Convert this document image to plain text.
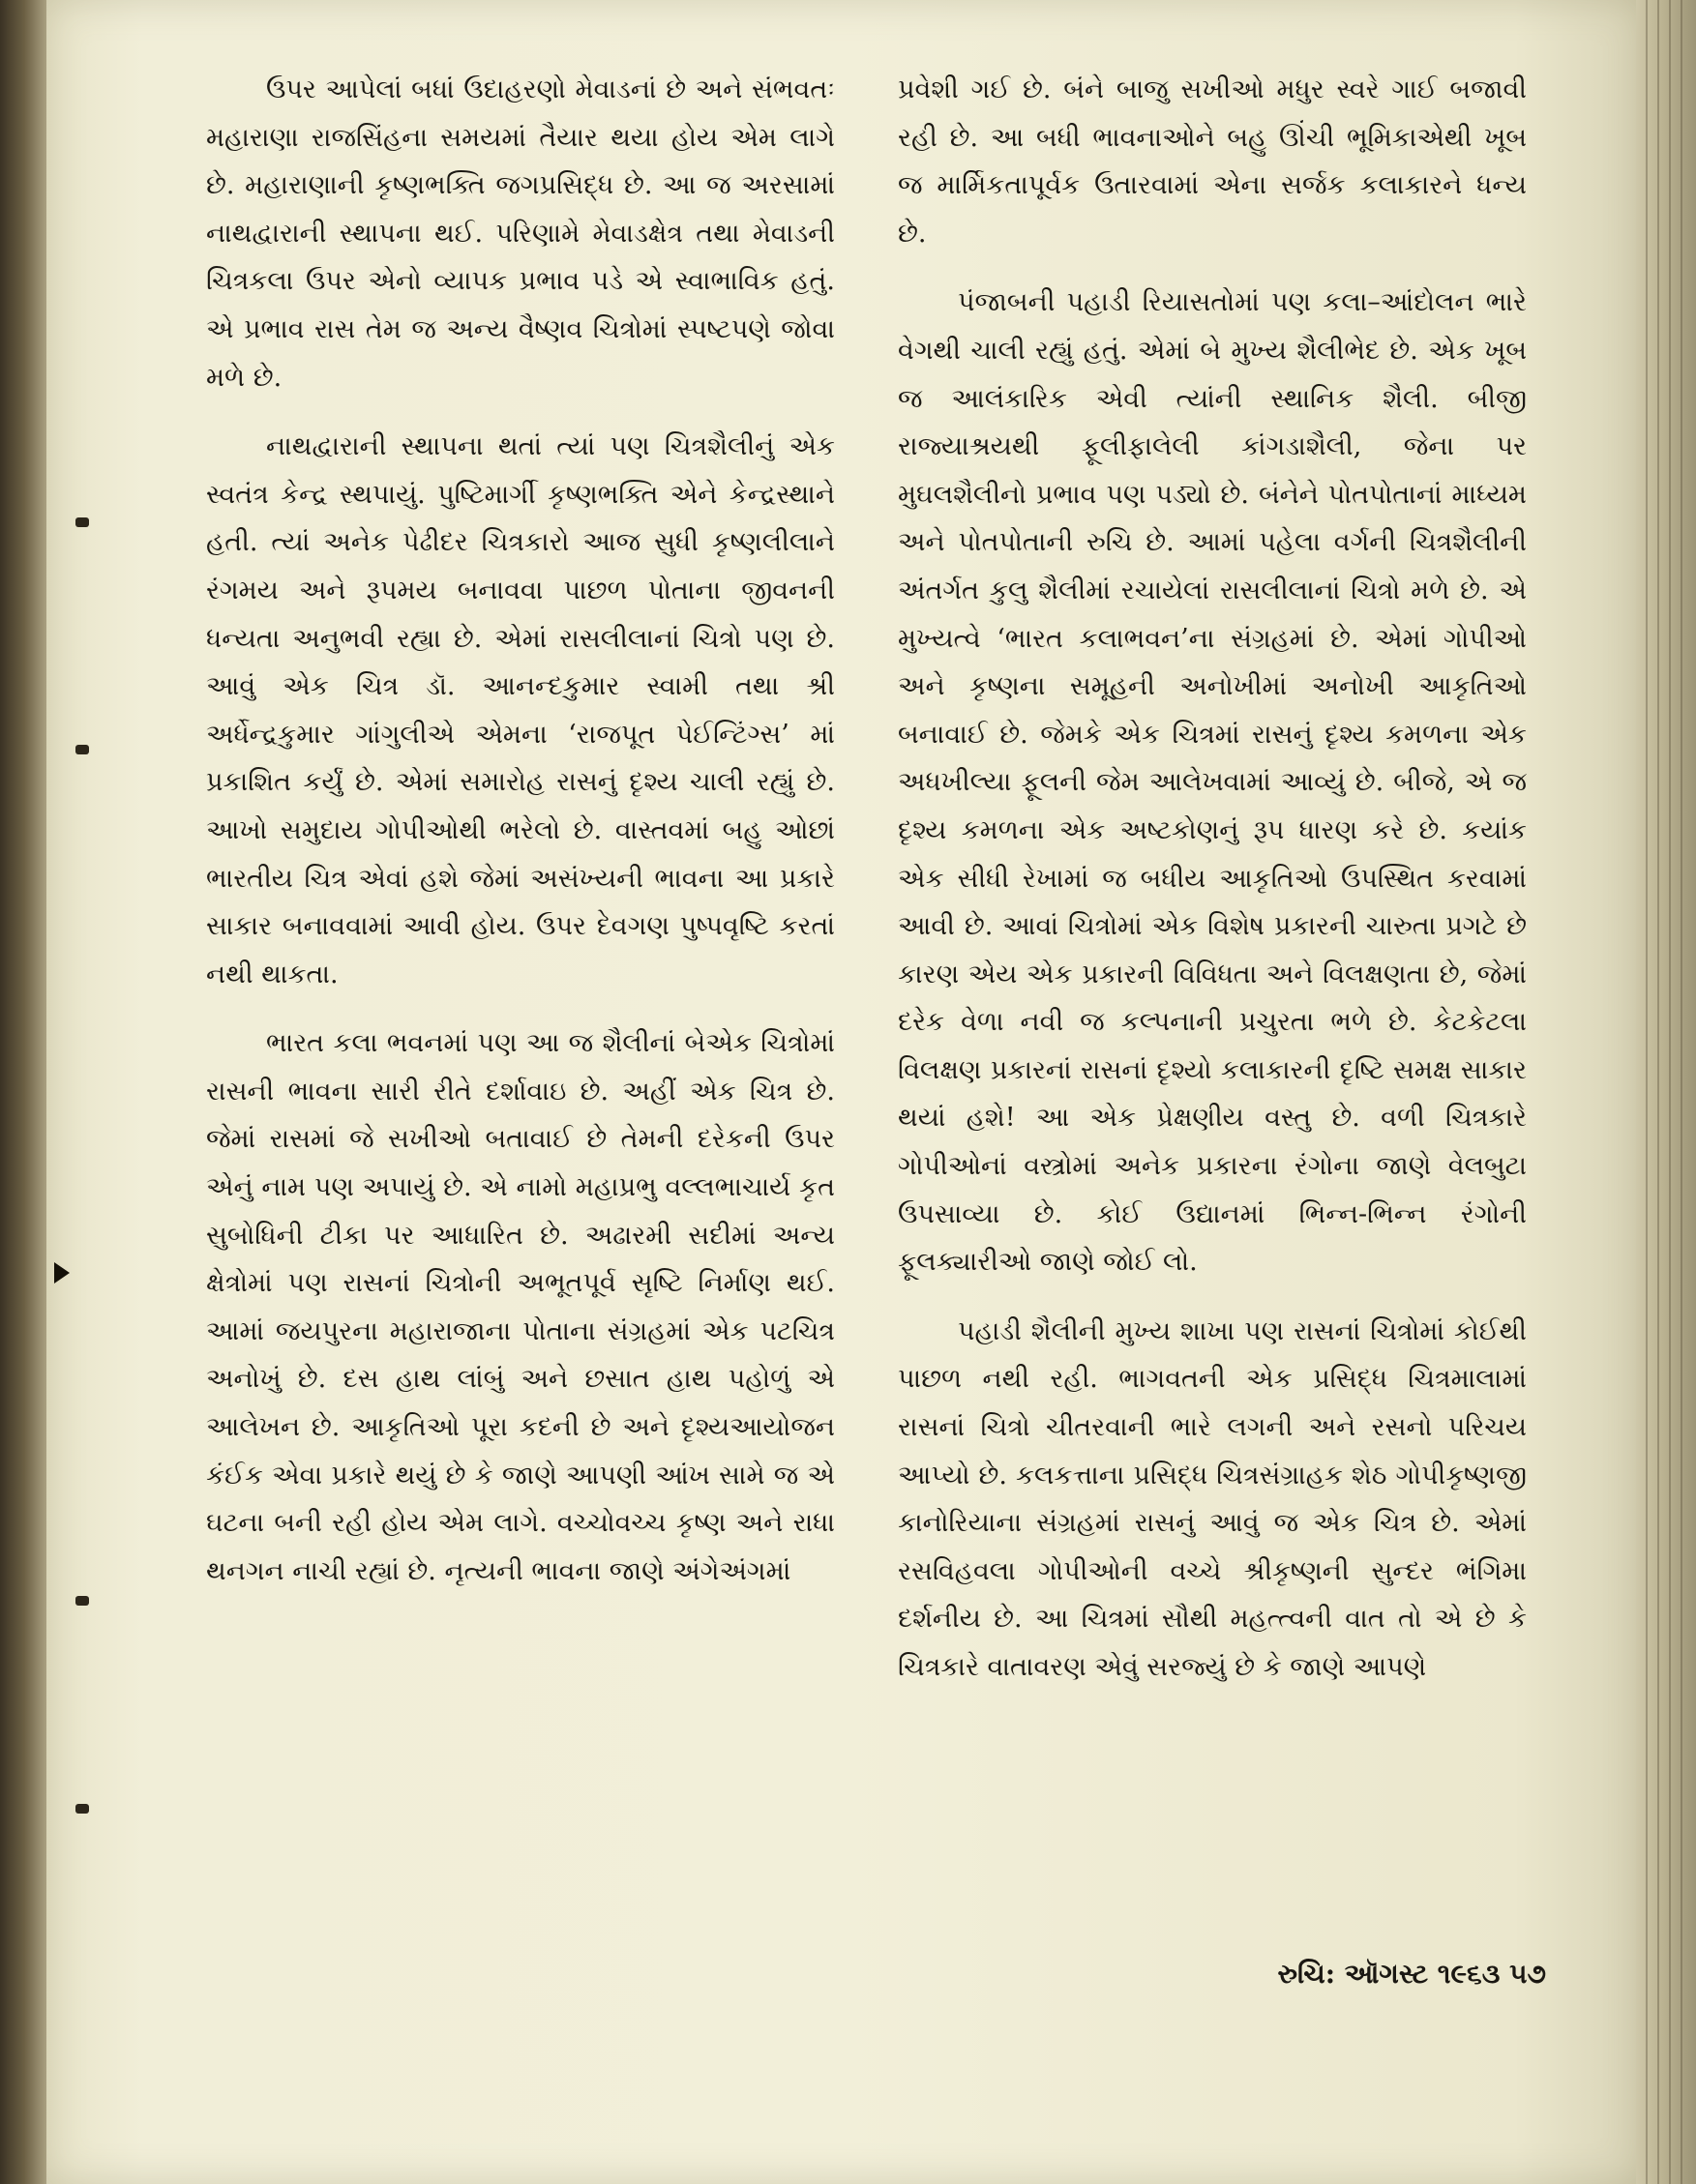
ઉપર આપેલાં બધાં ઉદાહરણો મેવાડનાં છે અને સંભવતઃ મહારાણા રાજસિંહના સમયમાં તૈયાર થયા હોય એમ લાગે છે. મહારાણાની કૃષ્ણભક્તિ જગપ્રસિદ્ધ છે. આ જ અરસામાં નાથદ્વારાની સ્થાપના થઈ. પરિણામે મેવાડક્ષેત્ર તથા મેવાડની ચિત્રકલા ઉપર એનો વ્યાપક પ્રભાવ પડે એ સ્વાભાવિક હતું. એ પ્રભાવ રાસ તેમ જ અન્ય વૈષ્ણવ ચિત્રોમાં સ્પષ્ટપણે જોવા મળે છે.

નાથદ્વારાની સ્થાપના થતાં ત્યાં પણ ચિત્રશૈલીનું એક સ્વતંત્ર કેન્દ્ર સ્થપાયું. પુષ્ટિમાર્ગી કૃષ્ણભક્તિ એને કેન્દ્રસ્થાને હતી. ત્યાં અનેક પેઢીદર ચિત્રકારો આજ સુધી કૃષ્ણલીલાને રંગમય અને રૂપમય બનાવવા પાછળ પોતાના જીવનની ધન્યતા અનુભવી રહ્યા છે. એમાં રાસલીલાનાં ચિત્રો પણ છે. આવું એક ચિત્ર ડૉ. આનન્દકુમાર સ્વામી તથા શ્રી અર્ધેન્દ્રકુમાર ગાંગુલીએ એમના ‘રાજપૂત પેઈન્ટિંગ્સ’ માં પ્રકાશિત કર્યું છે. એમાં સમારોહ રાસનું દૃશ્ય ચાલી રહ્યું છે. આખો સમુદાય ગોપીઓથી ભરેલો છે. વાસ્તવમાં બહુ ઓછાં ભારતીય ચિત્ર એવાં હશે જેમાં અસંખ્યની ભાવના આ પ્રકારે સાકાર બનાવવામાં આવી હોય. ઉપર દેવગણ પુષ્પવૃષ્ટિ કરતાં નથી થાકતા.

ભારત કલા ભવનમાં પણ આ જ શૈલીનાં બેએક ચિત્રોમાં રાસની ભાવના સારી રીતે દર્શાવાઇ છે. અહીં એક ચિત્ર છે. જેમાં રાસમાં જે સખીઓ બતાવાઈ છે તેમની દરેકની ઉપર એનું નામ પણ અપાયું છે. એ નામો મહાપ્રભુ વલ્લભાચાર્ય કૃત સુબોધિની ટીકા પર આધારિત છે. અઢારમી સદીમાં અન્ય ક્ષેત્રોમાં પણ રાસનાં ચિત્રોની અભૂતપૂર્વ સૃષ્ટિ નિર્માણ થઈ. આમાં જયપુરના મહારાજાના પોતાના સંગ્રહમાં એક પટચિત્ર અનોખું છે. દસ હાથ લાંબું અને છસાત હાથ પહોળું એ આલેખન છે. આકૃતિઓ પૂરા કદની છે અને દૃશ્યઆયોજન કંઈક એવા પ્રકારે થયું છે કે જાણે આપણી આંખ સામે જ એ ઘટના બની રહી હોય એમ લાગે. વચ્ચોવચ્ચ કૃષ્ણ અને રાધા થનગન નાચી રહ્યાં છે. નૃત્યની ભાવના જાણે અંગેઅંગમાં

પ્રવેશી ગઈ છે. બંને બાજુ સખીઓ મધુર સ્વરે ગાઈ બજાવી રહી છે. આ બધી ભાવનાઓને બહુ ઊંચી ભૂમિકાએથી ખૂબ જ માર્મિકતાપૂર્વક ઉતારવામાં એના સર્જક કલાકારને ધન્ય છે.

પંજાબની પહાડી રિયાસતોમાં પણ કલા–આંદોલન ભારે વેગથી ચાલી રહ્યું હતું. એમાં બે મુખ્ય શૈલીભેદ છે. એક ખૂબ જ આલંકારિક એવી ત્યાંની સ્થાનિક શૈલી. બીજી રાજ્યાશ્રયથી ફૂલીફાલેલી કાંગડાશૈલી, જેના પર મુઘલશૈલીનો પ્રભાવ પણ પડ્યો છે. બંનેને પોતપોતાનાં માધ્યમ અને પોતપોતાની રુચિ છે. આમાં પહેલા વર્ગની ચિત્રશૈલીની અંતર્ગત કુલુ શૈલીમાં રચાયેલાં રાસલીલાનાં ચિત્રો મળે છે. એ મુખ્યત્વે ‘ભારત કલાભવન’ના સંગ્રહમાં છે. એમાં ગોપીઓ અને કૃષ્ણના સમૂહની અનોખીમાં અનોખી આકૃતિઓ બનાવાઈ છે. જેમકે એક ચિત્રમાં રાસનું દૃશ્ય કમળના એક અધખીલ્યા ફૂલની જેમ આલેખવામાં આવ્યું છે. બીજે, એ જ દૃશ્ય કમળના એક અષ્ટકોણનું રૂપ ધારણ કરે છે. કયાંક એક સીધી રેખામાં જ બધીય આકૃતિઓ ઉપસ્થિત કરવામાં આવી છે. આવાં ચિત્રોમાં એક વિશેષ પ્રકારની ચારુતા પ્રગટે છે કારણ એય એક પ્રકારની વિવિધતા અને વિલક્ષણતા છે, જેમાં દરેક વેળા નવી જ કલ્પનાની પ્રચુરતા ભળે છે. કેટકેટલા વિલક્ષણ પ્રકારનાં રાસનાં દૃશ્યો કલાકારની દૃષ્ટિ સમક્ષ સાકાર થયાં હશે! આ એક પ્રેક્ષણીય વસ્તુ છે. વળી ચિત્રકારે ગોપીઓનાં વસ્ત્રોમાં અનેક પ્રકારના રંગોના જાણે વેલબુટા ઉપસાવ્યા છે. કોઈ ઉદ્યાનમાં ભિન્ન-ભિન્ન રંગોની ફૂલક્યારીઓ જાણે જોઈ લો.

પહાડી શૈલીની મુખ્ય શાખા પણ રાસનાં ચિત્રોમાં કોઈથી પાછળ નથી રહી. ભાગવતની એક પ્રસિદ્ધ ચિત્રમાલામાં રાસનાં ચિત્રો ચીતરવાની ભારે લગની અને રસનો પરિચય આપ્યો છે. કલકત્તાના પ્રસિદ્ધ ચિત્રસંગ્રાહક શેઠ ગોપીકૃષ્ણજી કાનોરિયાના સંગ્રહમાં રાસનું આવું જ એક ચિત્ર છે. એમાં રસવિહવલા ગોપીઓની વચ્ચે શ્રીકૃષ્ણની સુન્દર ભંગિમા દર્શનીય છે. આ ચિત્રમાં સૌથી મહત્ત્વની વાત તો એ છે કે ચિત્રકારે વાતાવરણ એવું સરજ્યું છે કે જાણે આપણે

રુચિ: ઑગસ્ટ ૧૯૬૩ ૫૭
